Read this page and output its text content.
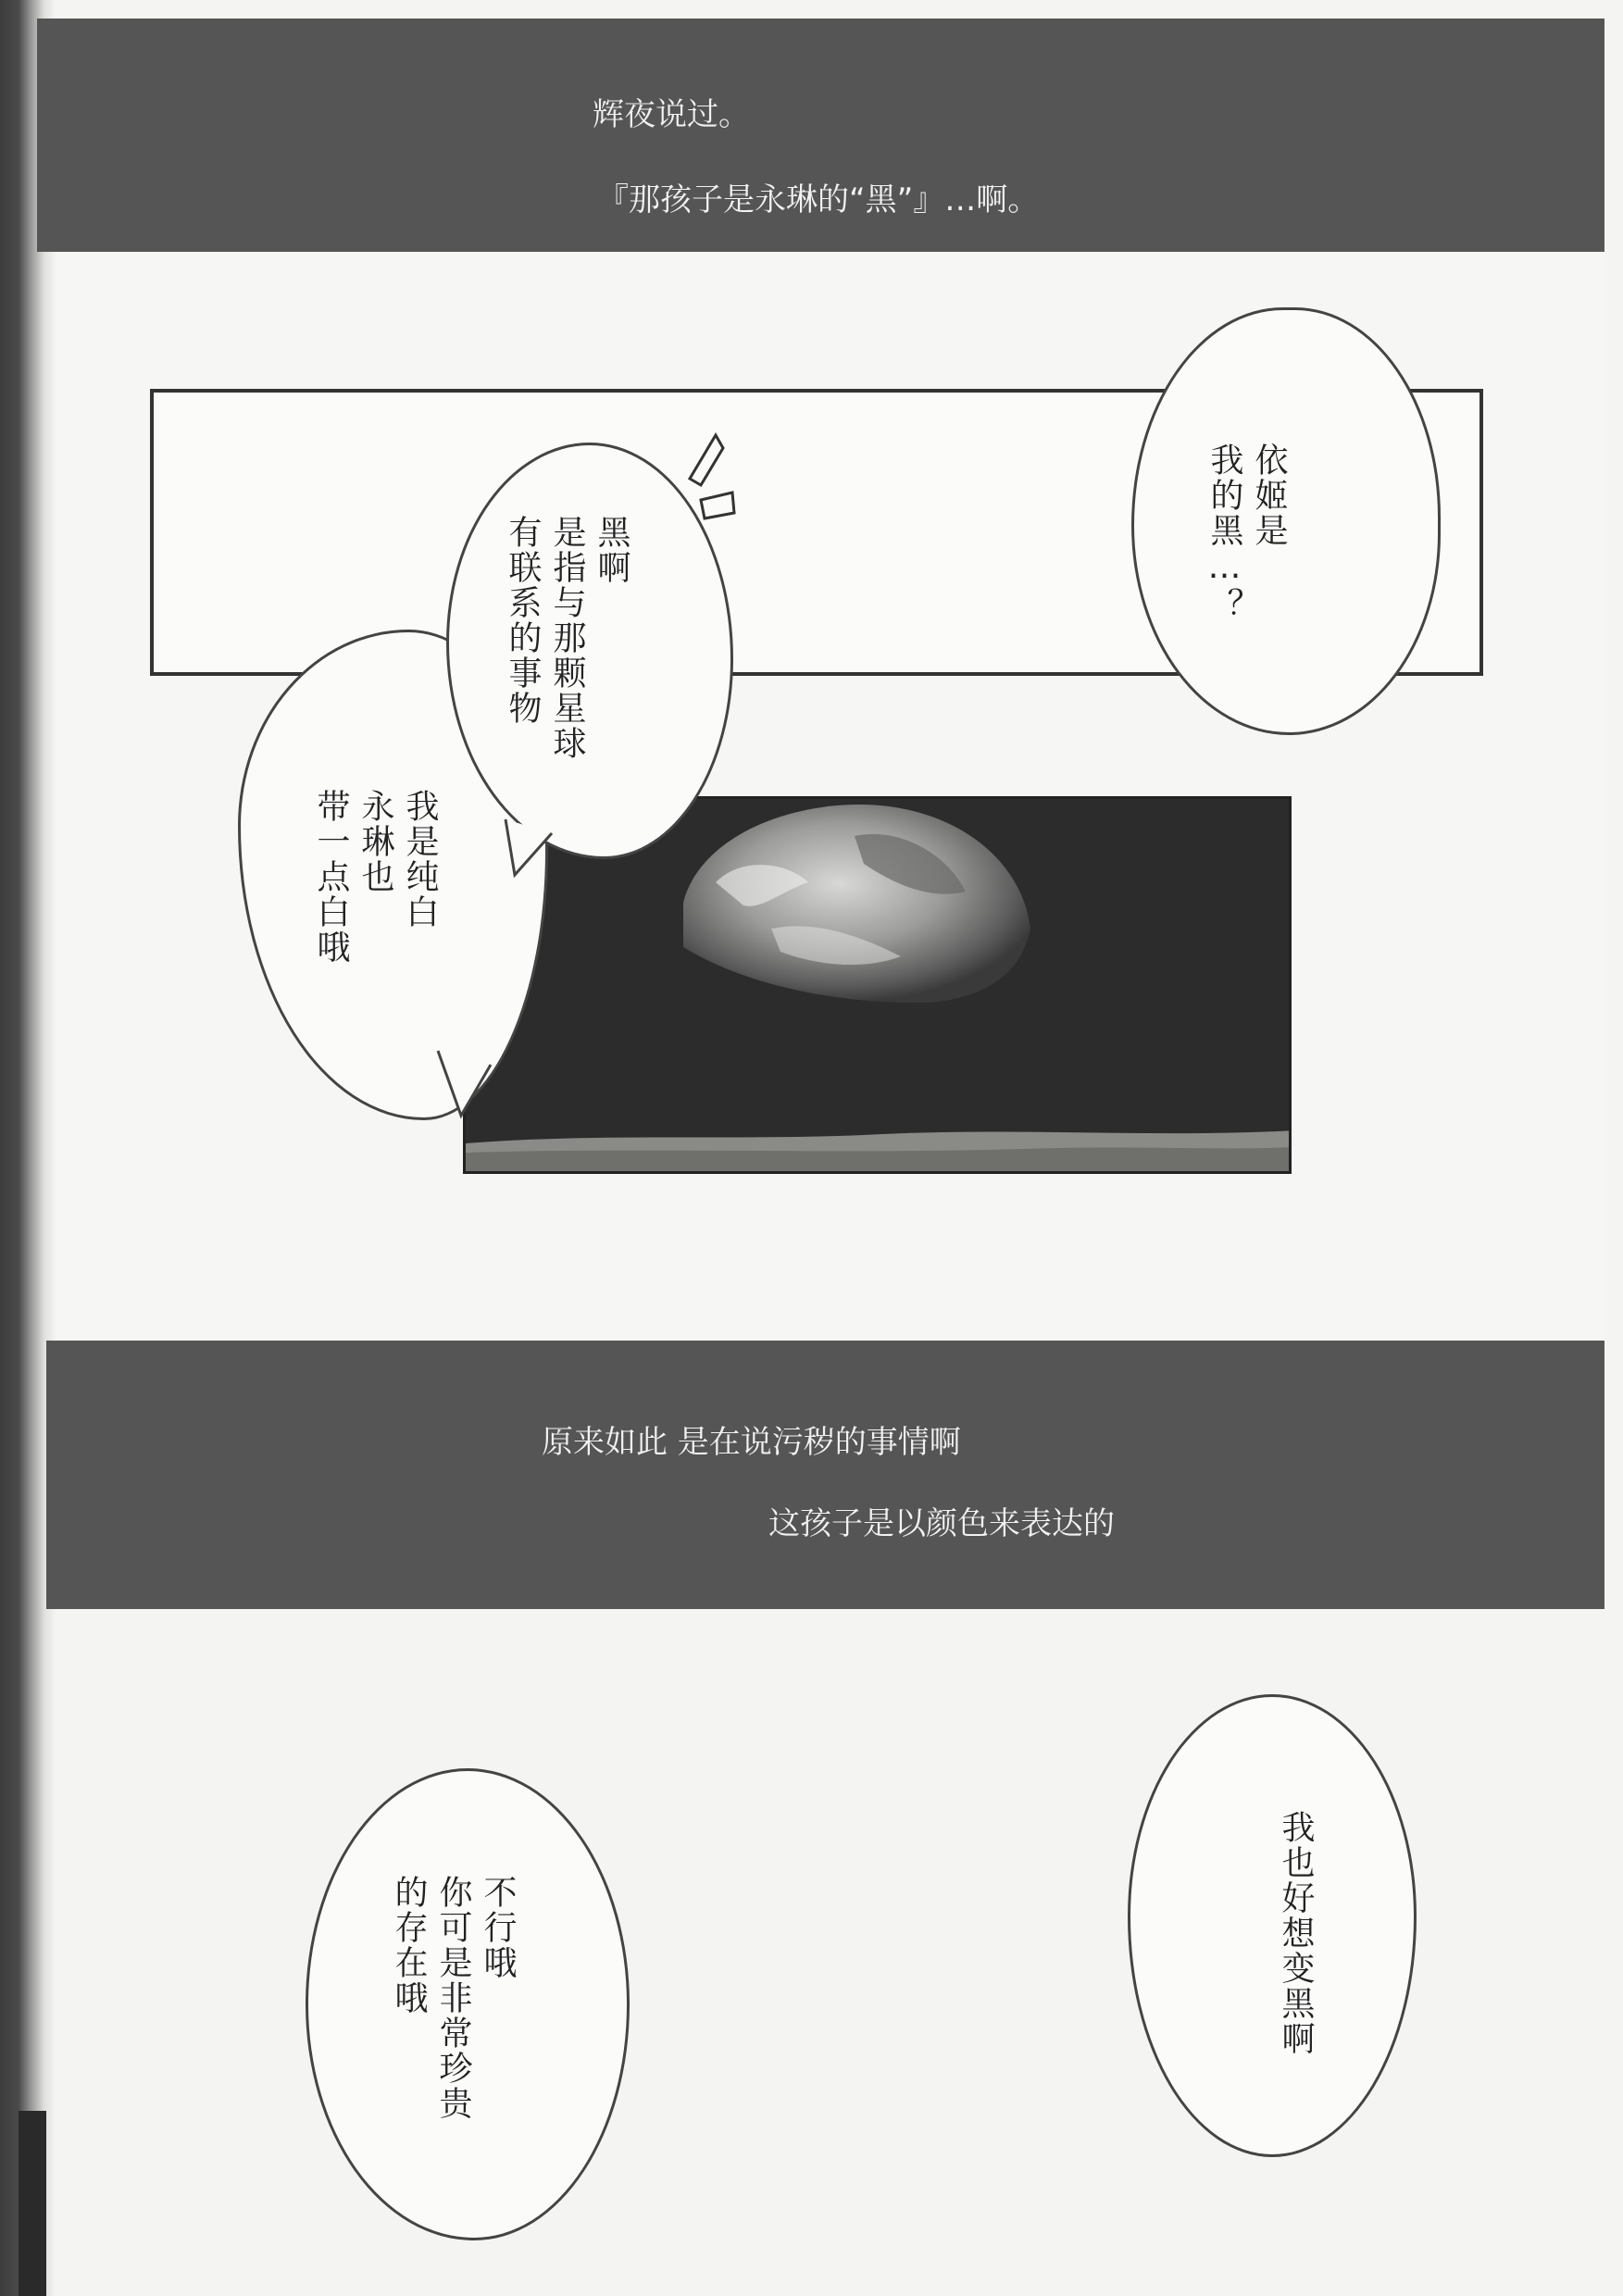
辉夜说过。
『那孩子是永琳的“黑”』…啊。
依姬是
我的黑…？
我是纯白
永琳也
带一点白哦
黑啊
是指与那颗星球
有联系的事物
原来如此 是在说污秽的事情啊
这孩子是以颜色来表达的
不行哦
你可是非常珍贵
的存在哦	我也好想变黑啊
